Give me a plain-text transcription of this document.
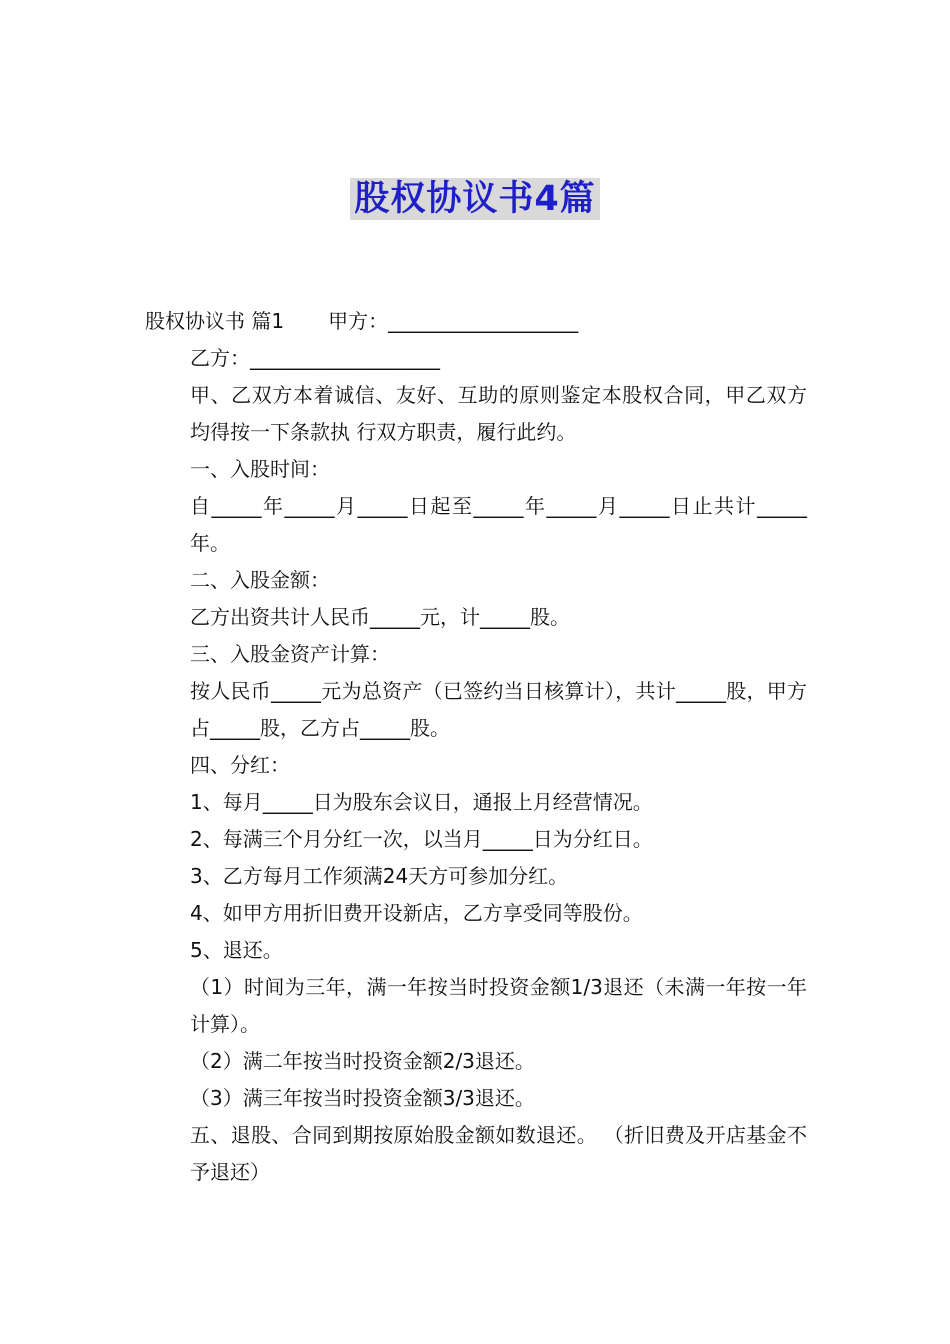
股权协议书4篇

股权协议书 篇1 甲方：___________________

乙方：___________________

甲、乙双方本着诚信、友好、互助的原则鉴定本股权合同，甲乙双方均得按一下条款执 行双方职责，履行此约。

一、入股时间：

自_____年_____月_____日起至_____年_____月_____日止共计_____年。

二、入股金额：

乙方出资共计人民币_____元，计_____股。

三、入股金资产计算：

按人民币_____元为总资产（已签约当日核算计），共计_____股，甲方占_____股，乙方占_____股。

四、分红：

1、每月_____日为股东会议日，通报上月经营情况。

2、每满三个月分红一次，以当月_____日为分红日。

3、乙方每月工作须满24天方可参加分红。

4、如甲方用折旧费开设新店，乙方享受同等股份。

5、退还。

（1）时间为三年，满一年按当时投资金额1/3退还（未满一年按一年计算）。

（2）满二年按当时投资金额2/3退还。

（3）满三年按当时投资金额3/3退还。

五、退股、合同到期按原始股金额如数退还。 （折旧费及开店基金不予退还）
